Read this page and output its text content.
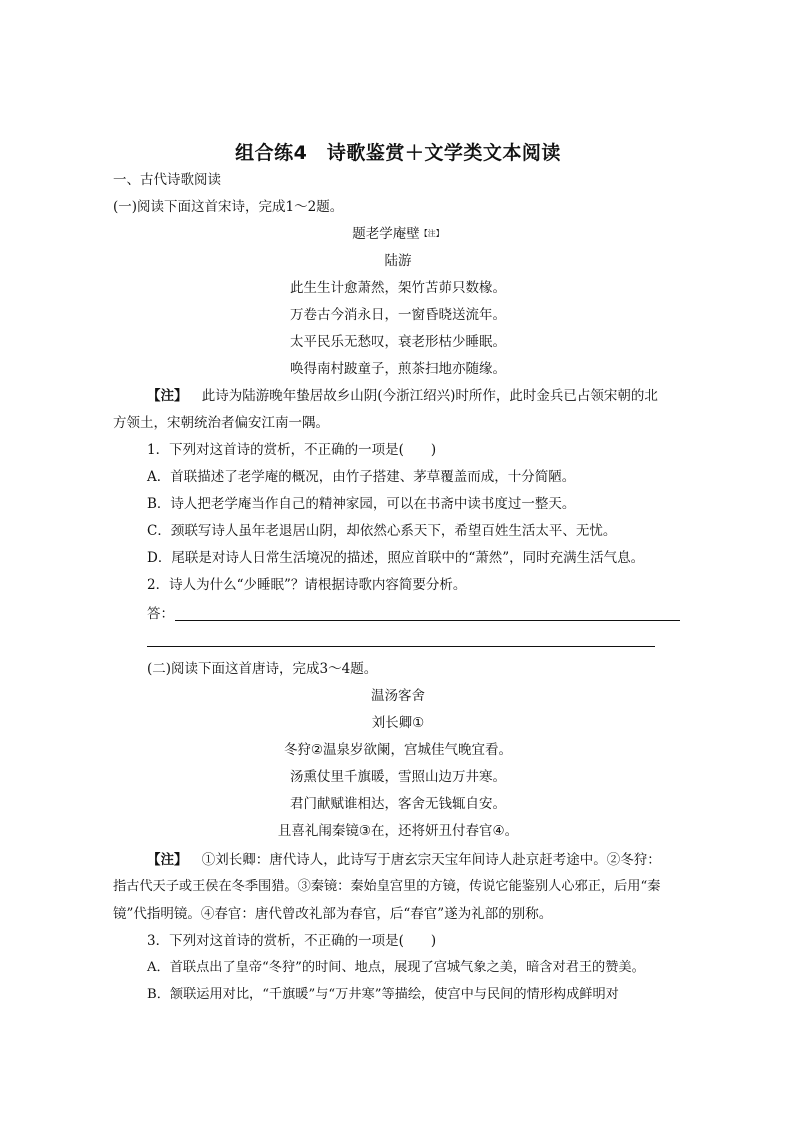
组合练4　诗歌鉴赏＋文学类文本阅读
一、古代诗歌阅读
(一)阅读下面这首宋诗，完成1～2题。
题老学庵壁$^{【注】}$
陆游
此生生计愈萧然，架竹苫茆只数椽。
万卷古今消永日，一窗昏晓送流年。
太平民乐无愁叹，衰老形枯少睡眠。
唤得南村跛童子，煎茶扫地亦随缘。
【注】 此诗为陆游晚年蛰居故乡山阴(今浙江绍兴)时所作，此时金兵已占领宋朝的北
方领土，宋朝统治者偏安江南一隅。
1．下列对这首诗的赏析，不正确的一项是(　　)
A．首联描述了老学庵的概况，由竹子搭建、茅草覆盖而成，十分简陋。
B．诗人把老学庵当作自己的精神家园，可以在书斋中读书度过一整天。
C．颈联写诗人虽年老退居山阴，却依然心系天下，希望百姓生活太平、无忧。
D．尾联是对诗人日常生活境况的描述，照应首联中的“萧然”，同时充满生活气息。
2．诗人为什么“少睡眠”？请根据诗歌内容简要分析。
答：
(二)阅读下面这首唐诗，完成3～4题。
温汤客舍
刘长卿①
冬狩②温泉岁欲阑，宫城佳气晚宜看。
汤熏仗里千旗暖，雪照山边万井寒。
君门献赋谁相达，客舍无钱辄自安。
且喜礼闱秦镜③在，还将妍丑付春官④。
【注】 ①刘长卿：唐代诗人，此诗写于唐玄宗天宝年间诗人赴京赶考途中。②冬狩：
指古代天子或王侯在冬季围猎。③秦镜：秦始皇宫里的方镜，传说它能鉴别人心邪正，后用“秦
镜”代指明镜。④春官：唐代曾改礼部为春官，后“春官”遂为礼部的别称。
3．下列对这首诗的赏析，不正确的一项是(　　)
A．首联点出了皇帝“冬狩”的时间、地点，展现了宫城气象之美，暗含对君王的赞美。
B．颔联运用对比，“千旗暖”与“万井寒”等描绘，使宫中与民间的情形构成鲜明对
